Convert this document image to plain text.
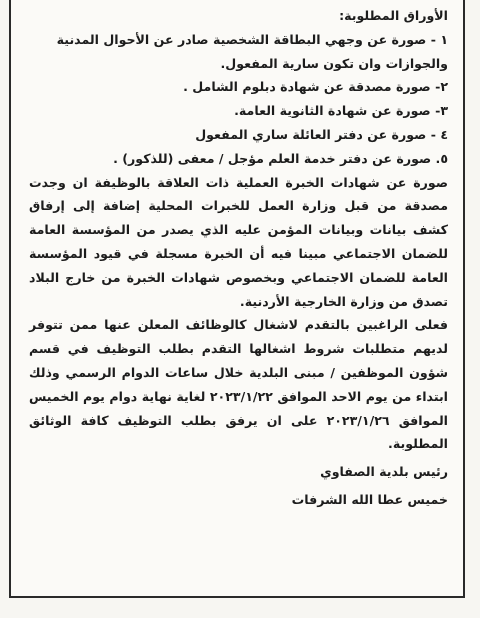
الأوراق المطلوبة:

١ - صورة عن وجهي البطاقة الشخصية صادر عن الأحوال المدنية والجوازات وان تكون سارية المفعول.

٢- صورة مصدقة عن شهادة دبلوم الشامل .

٣- صورة عن شهادة الثانوية العامة.

٤ - صورة عن دفتر العائلة ساري المفعول

٥. صورة عن دفتر خدمة العلم مؤجل / معفى (للذكور) .

صورة عن شهادات الخبرة العملية ذات العلاقة بالوظيفة ان وجدت مصدقة من قبل وزارة العمل للخبرات المحلية إضافة إلى إرفاق كشف بيانات وبيانات المؤمن عليه الذي يصدر من المؤسسة العامة للضمان الاجتماعي مبينا فيه أن الخبرة مسجلة في قيود المؤسسة العامة للضمان الاجتماعي وبخصوص شهادات الخبرة من خارج البلاد تصدق من وزارة الخارجية الأردنية.

فعلى الراغبين بالتقدم لاشغال كالوظائف المعلن عنها ممن تتوفر لديهم متطلبات شروط اشغالها التقدم بطلب التوظيف في قسم شؤون الموظفين / مبنى البلدية خلال ساعات الدوام الرسمي وذلك ابتداء من يوم الاحد الموافق ٢٠٢٣/١/٢٢ لغاية نهاية دوام يوم الخميس الموافق ٢٠٢٣/١/٢٦ على ان يرفق بطلب التوظيف كافة الوثائق المطلوبة.

رئيس بلدية الصفاوي

خميس عطا الله الشرفات
